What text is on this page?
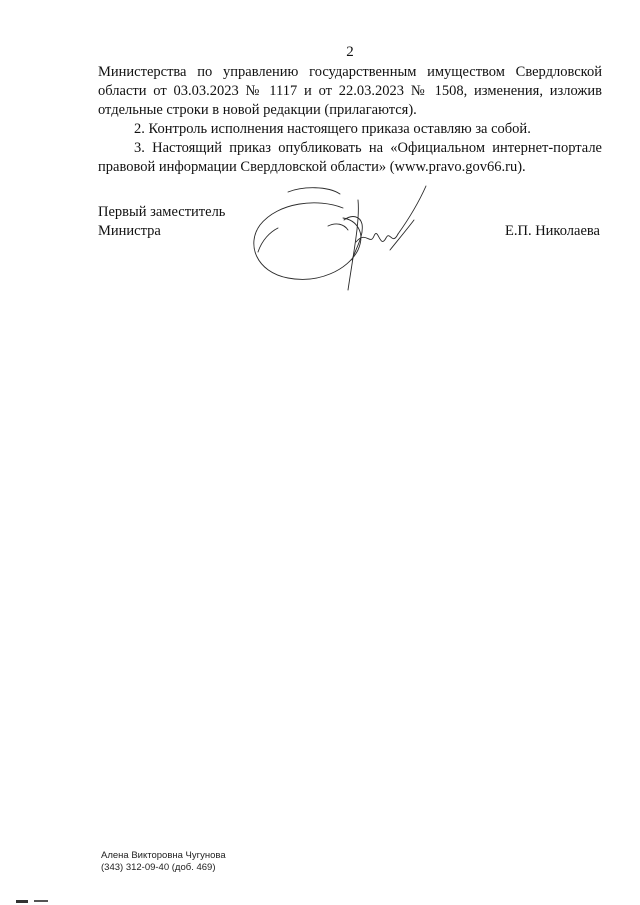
2

Министерства по управлению государственным имуществом Свердловской области от 03.03.2023 № 1117 и от 22.03.2023 № 1508, изменения, изложив отдельные строки в новой редакции (прилагаются).

2. Контроль исполнения настоящего приказа оставляю за собой.

3. Настоящий приказ опубликовать на «Официальном интернет-портале правовой информации Свердловской области» (www.pravo.gov66.ru).

Первый заместитель
Министра	Е.П. Николаева
Алена Викторовна Чугунова
(343) 312-09-40 (доб. 469)
